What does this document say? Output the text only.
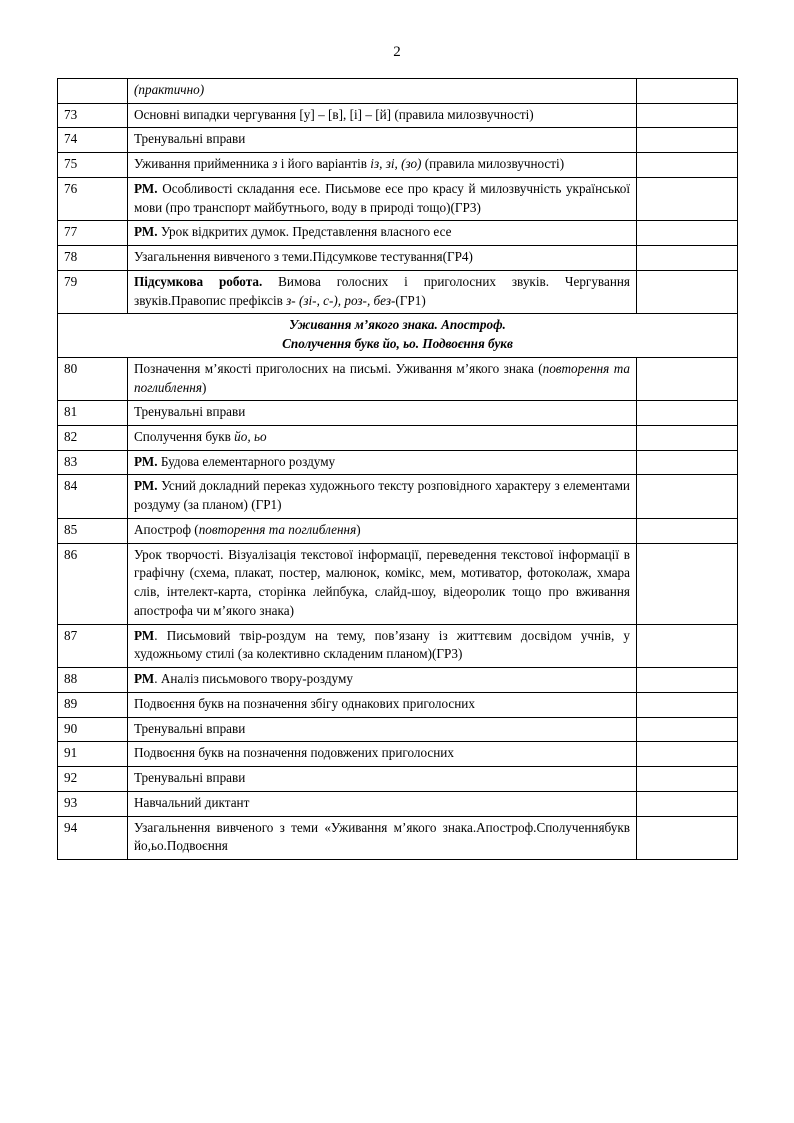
2
	(практично)	
73	Основні випадки чергування [у] – [в], [і] – [й] (правила милозвучності)	
74	Тренувальні вправи	
75	Уживання прийменника з і його варіантів із, зі, (зо) (правила милозвучності)	
76	РМ. Особливості складання есе. Письмове есе про красу й милозвучність української мови (про транспорт майбутнього, воду в природі тощо)(ГР3)	
77	РМ. Урок відкритих думок. Представлення власного есе	
78	Узагальнення вивченого з теми.Підсумкове тестування(ГР4)	
79	Підсумкова робота. Вимова голосних і приголосних звуків. Чергування звуків.Правопис префіксів з- (зі-, с-), роз-, без-(ГР1)	

Уживання м’якого знака. Апостроф.
Сполучення букв йо, ьо. Подвоєння букв		

80	Позначення м’якості приголосних на письмі. Уживання м’якого знака (повторення та поглиблення)	
81	Тренувальні вправи	
82	Сполучення букв йо, ьо	
83	РМ. Будова елементарного роздуму	
84	РМ. Усний докладний переказ художнього тексту розповідного характеру з елементами роздуму (за планом) (ГР1)	
85	Апостроф (повторення та поглиблення)	
86	Урок творчості. Візуалізація текстової інформації, переведення текстової інформації в графічну (схема, плакат, постер, малюнок, комікс, мем, мотиватор, фотоколаж, хмара слів, інтелект-карта, сторінка лейпбука, слайд-шоу, відеоролик тощо про вживання апострофа чи м’якого знака)	
87	РМ. Письмовий твір-роздум на тему, пов’язану із життєвим досвідом учнів, у художньому стилі (за колективно складеним планом)(ГР3)	
88	РМ. Аналіз письмового твору-роздуму	
89	Подвоєння букв на позначення збігу однакових приголосних	
90	Тренувальні вправи	
91	Подвоєння букв на позначення подовжених приголосних	
92	Тренувальні вправи	
93	Навчальний диктант	
94	Узагальнення вивченого з теми «Уживання м’якого знака.Апостроф.Сполученнябукв йо,ьо.Подвоєння	
